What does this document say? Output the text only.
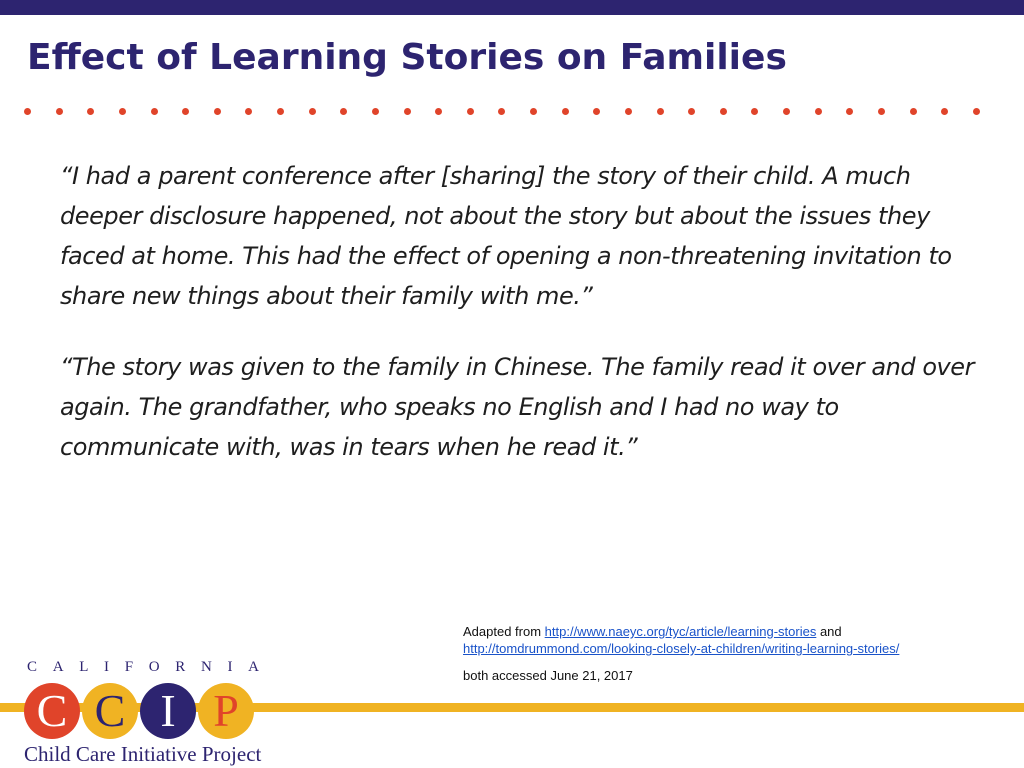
Effect of Learning Stories on Families

“I had a parent conference after [sharing] the story of their child. A much deeper disclosure happened, not about the story but about the issues they faced at home. This had the effect of opening a non-threatening invitation to share new things about their family with me.”

“The story was given to the family in Chinese. The family read it over and over again. The grandfather, who speaks no English and I had no way to communicate with, was in tears when he read it.”

Adapted from http://www.naeyc.org/tyc/article/learning-stories and
http://tomdrummond.com/looking-closely-at-children/writing-learning-stories/
both accessed June 21, 2017
C A L I F O R N I A
C C I P
Child Care Initiative Project
